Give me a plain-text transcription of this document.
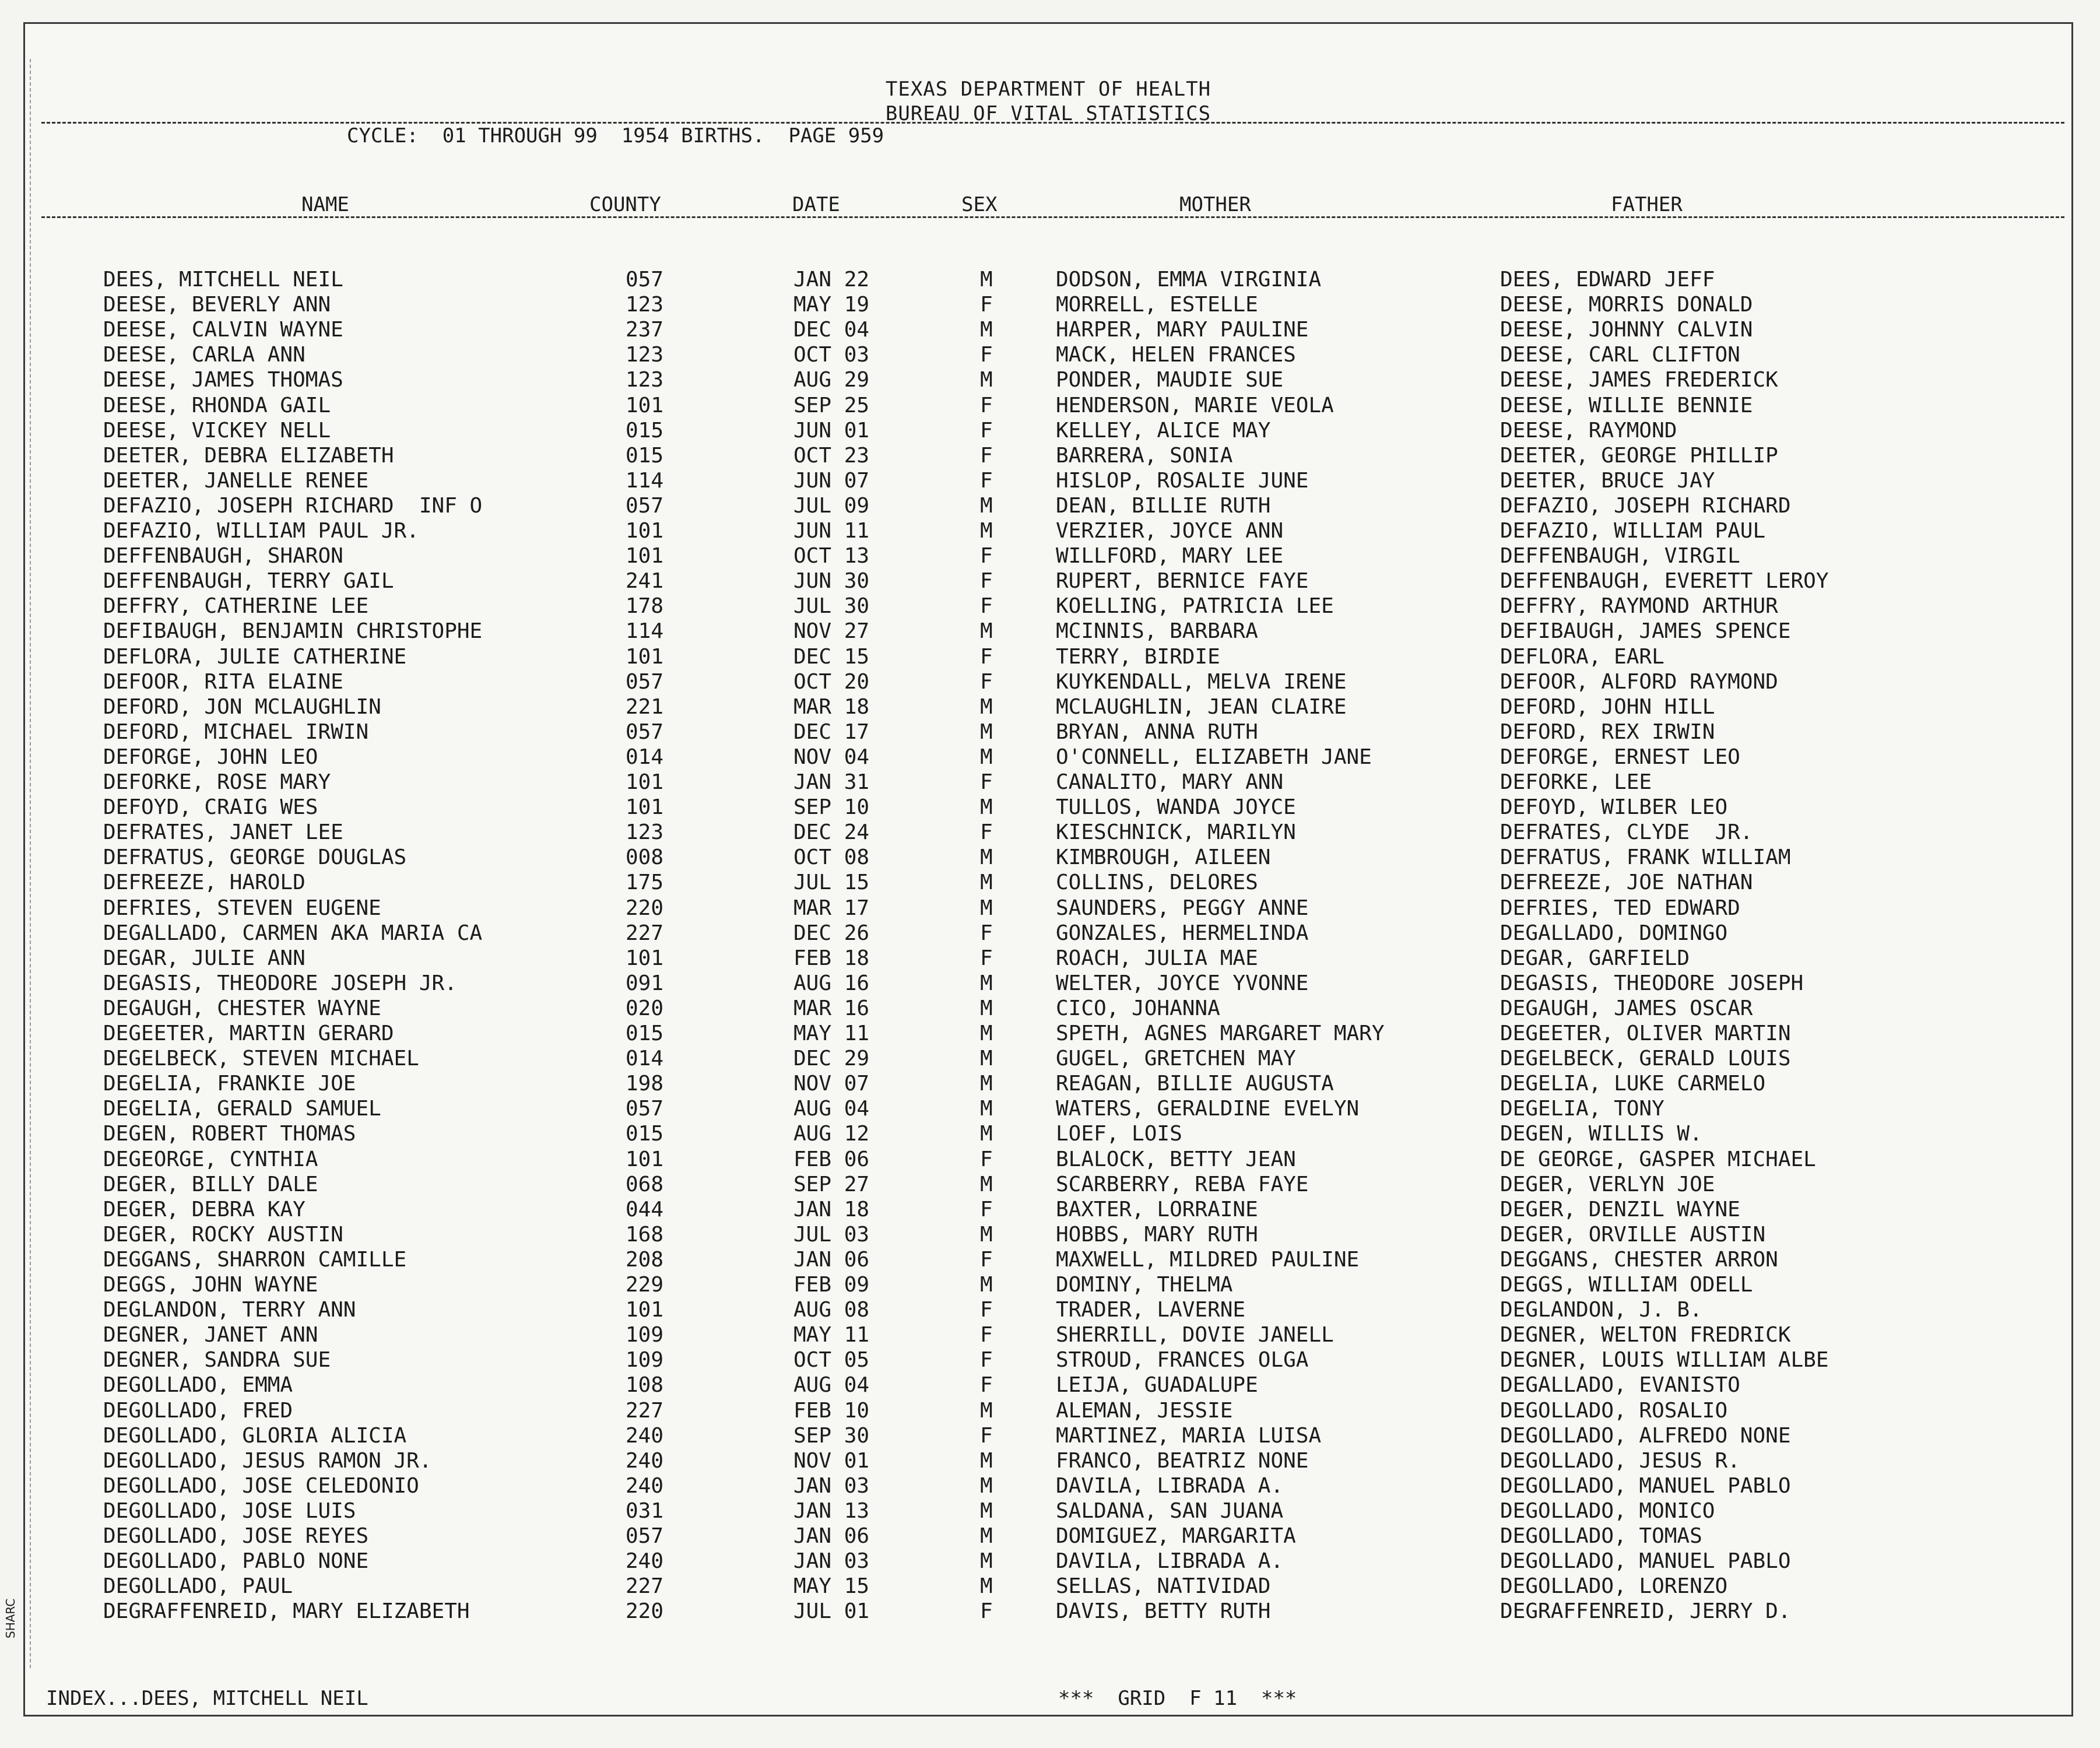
TEXAS DEPARTMENT OF HEALTH
BUREAU OF VITAL STATISTICS
CYCLE:  01 THROUGH 99  1954 BIRTHS.  PAGE 959
NAME	COUNTY	DATE	SEX	MOTHER	FATHER
DEES, MITCHELL NEIL	057	JAN 22	M	DODSON, EMMA VIRGINIA	DEES, EDWARD JEFF
DEESE, BEVERLY ANN	123	MAY 19	F	MORRELL, ESTELLE	DEESE, MORRIS DONALD
DEESE, CALVIN WAYNE	237	DEC 04	M	HARPER, MARY PAULINE	DEESE, JOHNNY CALVIN
DEESE, CARLA ANN	123	OCT 03	F	MACK, HELEN FRANCES	DEESE, CARL CLIFTON
DEESE, JAMES THOMAS	123	AUG 29	M	PONDER, MAUDIE SUE	DEESE, JAMES FREDERICK
DEESE, RHONDA GAIL	101	SEP 25	F	HENDERSON, MARIE VEOLA	DEESE, WILLIE BENNIE
DEESE, VICKEY NELL	015	JUN 01	F	KELLEY, ALICE MAY	DEESE, RAYMOND
DEETER, DEBRA ELIZABETH	015	OCT 23	F	BARRERA, SONIA	DEETER, GEORGE PHILLIP
DEETER, JANELLE RENEE	114	JUN 07	F	HISLOP, ROSALIE JUNE	DEETER, BRUCE JAY
DEFAZIO, JOSEPH RICHARD  INF O	057	JUL 09	M	DEAN, BILLIE RUTH	DEFAZIO, JOSEPH RICHARD
DEFAZIO, WILLIAM PAUL JR.	101	JUN 11	M	VERZIER, JOYCE ANN	DEFAZIO, WILLIAM PAUL
DEFFENBAUGH, SHARON	101	OCT 13	F	WILLFORD, MARY LEE	DEFFENBAUGH, VIRGIL
DEFFENBAUGH, TERRY GAIL	241	JUN 30	F	RUPERT, BERNICE FAYE	DEFFENBAUGH, EVERETT LEROY
DEFFRY, CATHERINE LEE	178	JUL 30	F	KOELLING, PATRICIA LEE	DEFFRY, RAYMOND ARTHUR
DEFIBAUGH, BENJAMIN CHRISTOPHE	114	NOV 27	M	MCINNIS, BARBARA	DEFIBAUGH, JAMES SPENCE
DEFLORA, JULIE CATHERINE	101	DEC 15	F	TERRY, BIRDIE	DEFLORA, EARL
DEFOOR, RITA ELAINE	057	OCT 20	F	KUYKENDALL, MELVA IRENE	DEFOOR, ALFORD RAYMOND
DEFORD, JON MCLAUGHLIN	221	MAR 18	M	MCLAUGHLIN, JEAN CLAIRE	DEFORD, JOHN HILL
DEFORD, MICHAEL IRWIN	057	DEC 17	M	BRYAN, ANNA RUTH	DEFORD, REX IRWIN
DEFORGE, JOHN LEO	014	NOV 04	M	O'CONNELL, ELIZABETH JANE	DEFORGE, ERNEST LEO
DEFORKE, ROSE MARY	101	JAN 31	F	CANALITO, MARY ANN	DEFORKE, LEE
DEFOYD, CRAIG WES	101	SEP 10	M	TULLOS, WANDA JOYCE	DEFOYD, WILBER LEO
DEFRATES, JANET LEE	123	DEC 24	F	KIESCHNICK, MARILYN	DEFRATES, CLYDE  JR.
DEFRATUS, GEORGE DOUGLAS	008	OCT 08	M	KIMBROUGH, AILEEN	DEFRATUS, FRANK WILLIAM
DEFREEZE, HAROLD	175	JUL 15	M	COLLINS, DELORES	DEFREEZE, JOE NATHAN
DEFRIES, STEVEN EUGENE	220	MAR 17	M	SAUNDERS, PEGGY ANNE	DEFRIES, TED EDWARD
DEGALLADO, CARMEN AKA MARIA CA	227	DEC 26	F	GONZALES, HERMELINDA	DEGALLADO, DOMINGO
DEGAR, JULIE ANN	101	FEB 18	F	ROACH, JULIA MAE	DEGAR, GARFIELD
DEGASIS, THEODORE JOSEPH JR.	091	AUG 16	M	WELTER, JOYCE YVONNE	DEGASIS, THEODORE JOSEPH
DEGAUGH, CHESTER WAYNE	020	MAR 16	M	CICO, JOHANNA	DEGAUGH, JAMES OSCAR
DEGEETER, MARTIN GERARD	015	MAY 11	M	SPETH, AGNES MARGARET MARY	DEGEETER, OLIVER MARTIN
DEGELBECK, STEVEN MICHAEL	014	DEC 29	M	GUGEL, GRETCHEN MAY	DEGELBECK, GERALD LOUIS
DEGELIA, FRANKIE JOE	198	NOV 07	M	REAGAN, BILLIE AUGUSTA	DEGELIA, LUKE CARMELO
DEGELIA, GERALD SAMUEL	057	AUG 04	M	WATERS, GERALDINE EVELYN	DEGELIA, TONY
DEGEN, ROBERT THOMAS	015	AUG 12	M	LOEF, LOIS	DEGEN, WILLIS W.
DEGEORGE, CYNTHIA	101	FEB 06	F	BLALOCK, BETTY JEAN	DE GEORGE, GASPER MICHAEL
DEGER, BILLY DALE	068	SEP 27	M	SCARBERRY, REBA FAYE	DEGER, VERLYN JOE
DEGER, DEBRA KAY	044	JAN 18	F	BAXTER, LORRAINE	DEGER, DENZIL WAYNE
DEGER, ROCKY AUSTIN	168	JUL 03	M	HOBBS, MARY RUTH	DEGER, ORVILLE AUSTIN
DEGGANS, SHARRON CAMILLE	208	JAN 06	F	MAXWELL, MILDRED PAULINE	DEGGANS, CHESTER ARRON
DEGGS, JOHN WAYNE	229	FEB 09	M	DOMINY, THELMA	DEGGS, WILLIAM ODELL
DEGLANDON, TERRY ANN	101	AUG 08	F	TRADER, LAVERNE	DEGLANDON, J. B.
DEGNER, JANET ANN	109	MAY 11	F	SHERRILL, DOVIE JANELL	DEGNER, WELTON FREDRICK
DEGNER, SANDRA SUE	109	OCT 05	F	STROUD, FRANCES OLGA	DEGNER, LOUIS WILLIAM ALBE
DEGOLLADO, EMMA	108	AUG 04	F	LEIJA, GUADALUPE	DEGALLADO, EVANISTO
DEGOLLADO, FRED	227	FEB 10	M	ALEMAN, JESSIE	DEGOLLADO, ROSALIO
DEGOLLADO, GLORIA ALICIA	240	SEP 30	F	MARTINEZ, MARIA LUISA	DEGOLLADO, ALFREDO NONE
DEGOLLADO, JESUS RAMON JR.	240	NOV 01	M	FRANCO, BEATRIZ NONE	DEGOLLADO, JESUS R.
DEGOLLADO, JOSE CELEDONIO	240	JAN 03	M	DAVILA, LIBRADA A.	DEGOLLADO, MANUEL PABLO
DEGOLLADO, JOSE LUIS	031	JAN 13	M	SALDANA, SAN JUANA	DEGOLLADO, MONICO
DEGOLLADO, JOSE REYES	057	JAN 06	M	DOMIGUEZ, MARGARITA	DEGOLLADO, TOMAS
DEGOLLADO, PABLO NONE	240	JAN 03	M	DAVILA, LIBRADA A.	DEGOLLADO, MANUEL PABLO
DEGOLLADO, PAUL	227	MAY 15	M	SELLAS, NATIVIDAD	DEGOLLADO, LORENZO
DEGRAFFENREID, MARY ELIZABETH	220	JUL 01	F	DAVIS, BETTY RUTH	DEGRAFFENREID, JERRY D.
INDEX...DEES, MITCHELL NEIL	***  GRID  F 11  ***
SHARC
